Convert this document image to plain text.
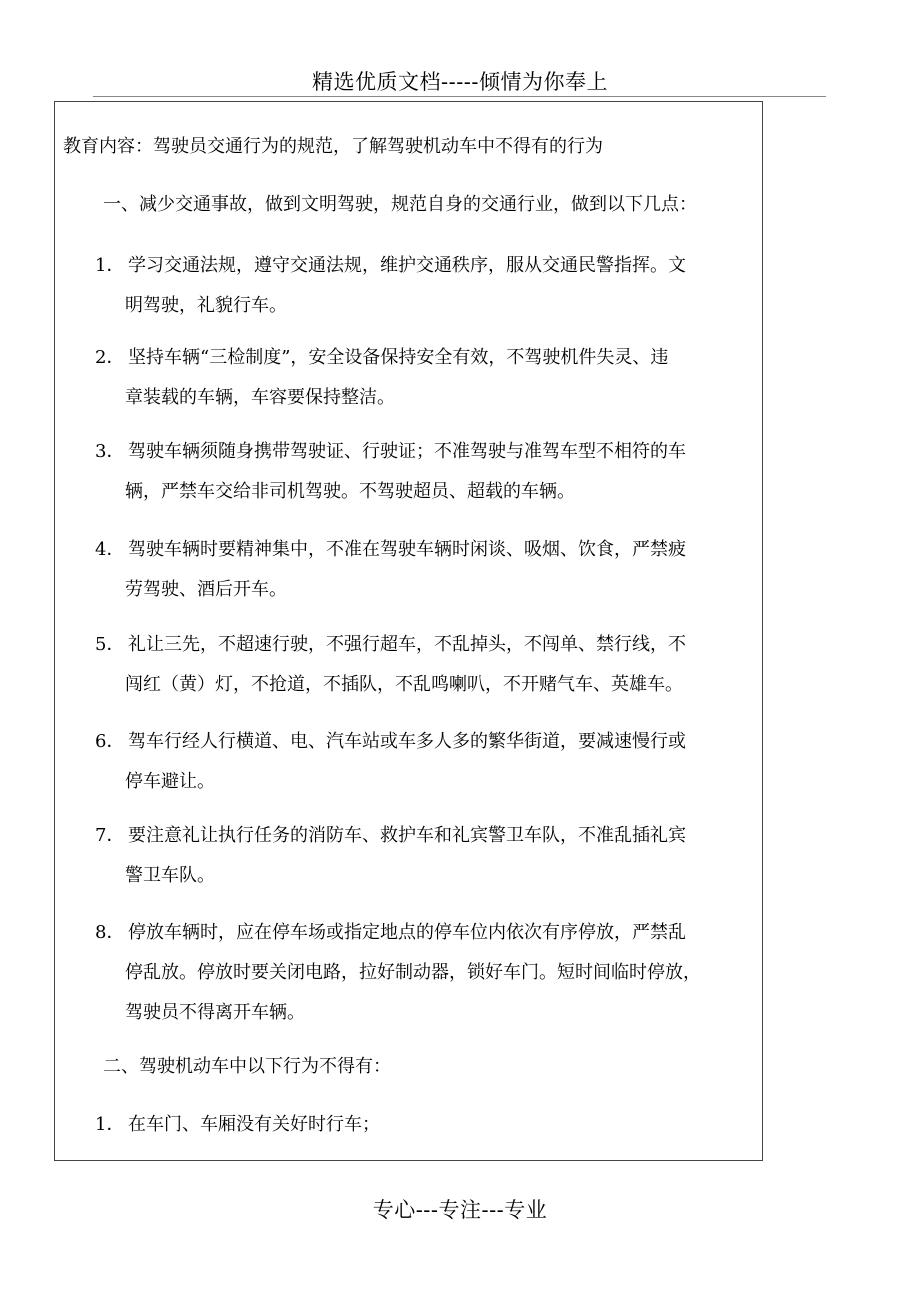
精选优质文档-----倾情为你奉上
教育内容：驾驶员交通行为的规范，了解驾驶机动车中不得有的行为
一、减少交通事故，做到文明驾驶，规范自身的交通行业，做到以下几点：
1． 学习交通法规，遵守交通法规，维护交通秩序，服从交通民警指挥。文
明驾驶，礼貌行车。
2． 坚持车辆“三检制度”，安全设备保持安全有效，不驾驶机件失灵、违
章装载的车辆，车容要保持整洁。
3． 驾驶车辆须随身携带驾驶证、行驶证；不准驾驶与准驾车型不相符的车
辆，严禁车交给非司机驾驶。不驾驶超员、超载的车辆。
4． 驾驶车辆时要精神集中，不准在驾驶车辆时闲谈、吸烟、饮食，严禁疲
劳驾驶、酒后开车。
5． 礼让三先，不超速行驶，不强行超车，不乱掉头，不闯单、禁行线，不
闯红（黄）灯，不抢道，不插队，不乱鸣喇叭，不开赌气车、英雄车。
6． 驾车行经人行横道、电、汽车站或车多人多的繁华街道，要减速慢行或
停车避让。
7． 要注意礼让执行任务的消防车、救护车和礼宾警卫车队，不准乱插礼宾
警卫车队。
8． 停放车辆时，应在停车场或指定地点的停车位内依次有序停放，严禁乱
停乱放。停放时要关闭电路，拉好制动器，锁好车门。短时间临时停放，
驾驶员不得离开车辆。
二、驾驶机动车中以下行为不得有：
1． 在车门、车厢没有关好时行车；
专心---专注---专业
